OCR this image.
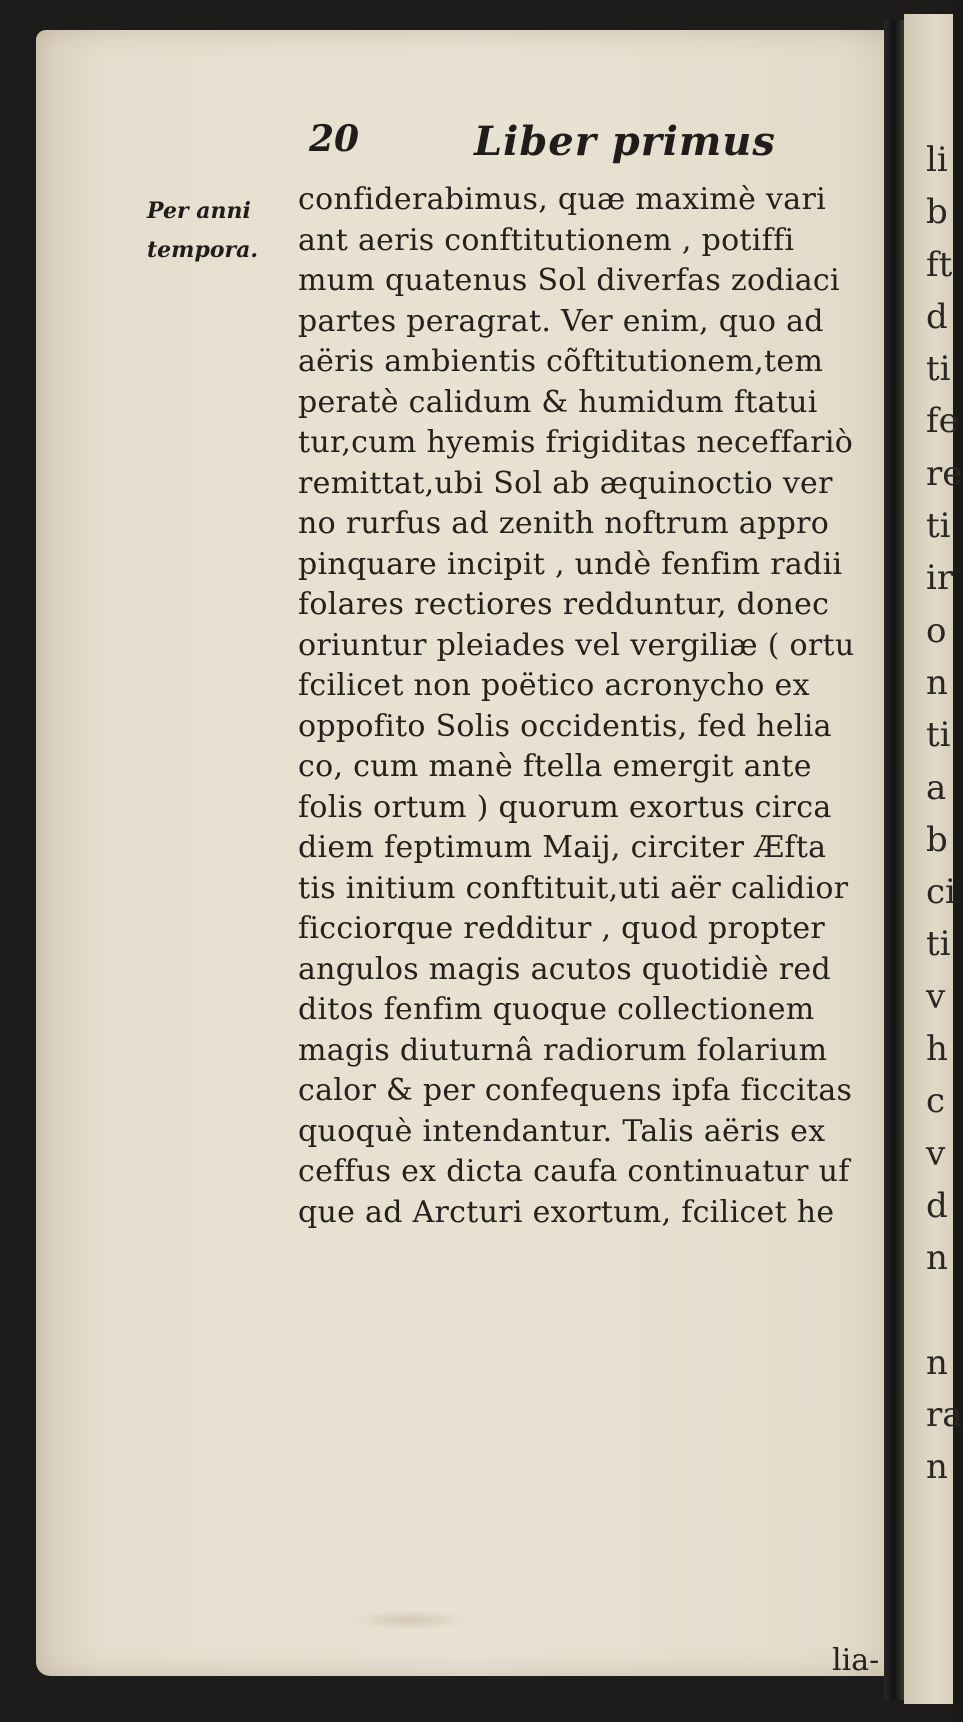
li
b
ft
d
ti
fe
re
ti
ir
o
n
ti
a
b
ci
ti
v
h
c
v
d
n
n
ra
n
20	Liber primus
Per anni
tempora.
confiderabimus, quæ maximè vari
ant aeris conftitutionem , potiffi
mum quatenus Sol diverfas zodiaci
partes peragrat. Ver enim, quo ad
aëris ambientis cõftitutionem,tem
peratè calidum & humidum ftatui
tur,cum hyemis frigiditas neceffariò
remittat,ubi Sol ab æquinoctio ver
no rurfus ad zenith noftrum appro
pinquare incipit , undè fenfim radii
folares rectiores redduntur, donec
oriuntur pleiades vel vergiliæ ( ortu
fcilicet non poëtico acronycho ex
oppofito Solis occidentis, fed helia
co, cum manè ftella emergit ante
folis ortum ) quorum exortus circa
diem feptimum Maij, circiter Æfta
tis initium conftituit,uti aër calidior
ficciorque redditur , quod propter
angulos magis acutos quotidiè red
ditos fenfim quoque collectionem
magis diuturnâ radiorum folarium
calor & per confequens ipfa ficcitas
quoquè intendantur. Talis aëris ex
ceffus ex dicta caufa continuatur uf
que ad Arcturi exortum, fcilicet he
lia-
